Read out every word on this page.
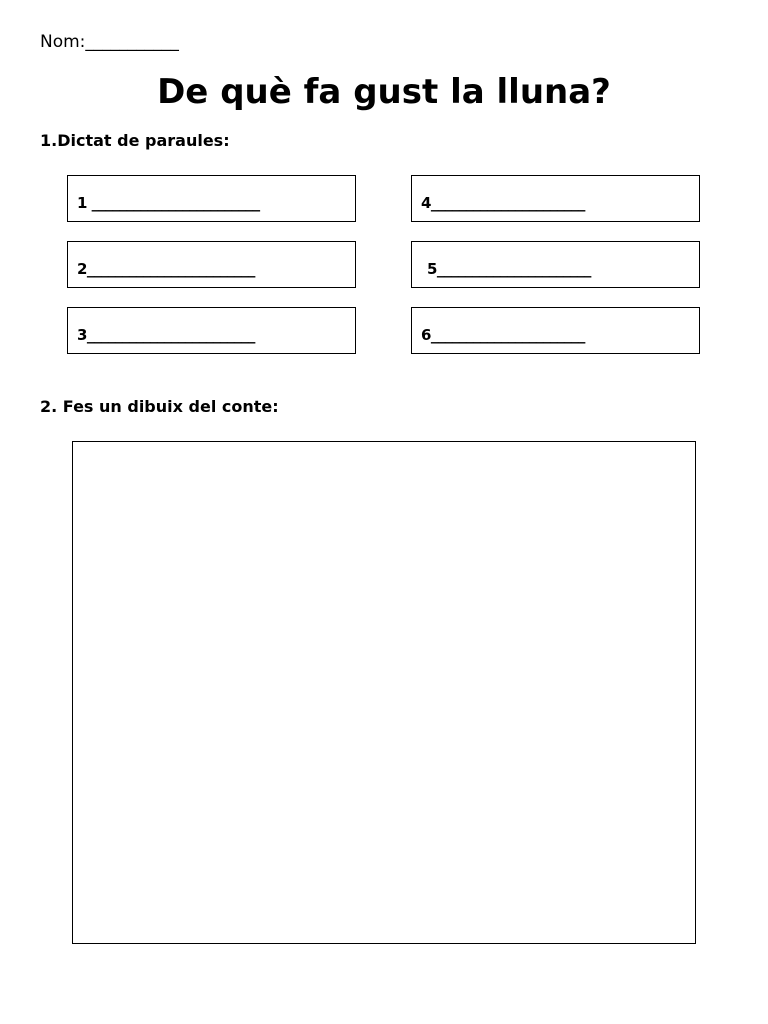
Nom:___________
De què fa gust la lluna?
1.Dictat de paraules:
1 ________________________
2________________________
3________________________
4______________________
5______________________
6______________________
2. Fes un dibuix del conte:
